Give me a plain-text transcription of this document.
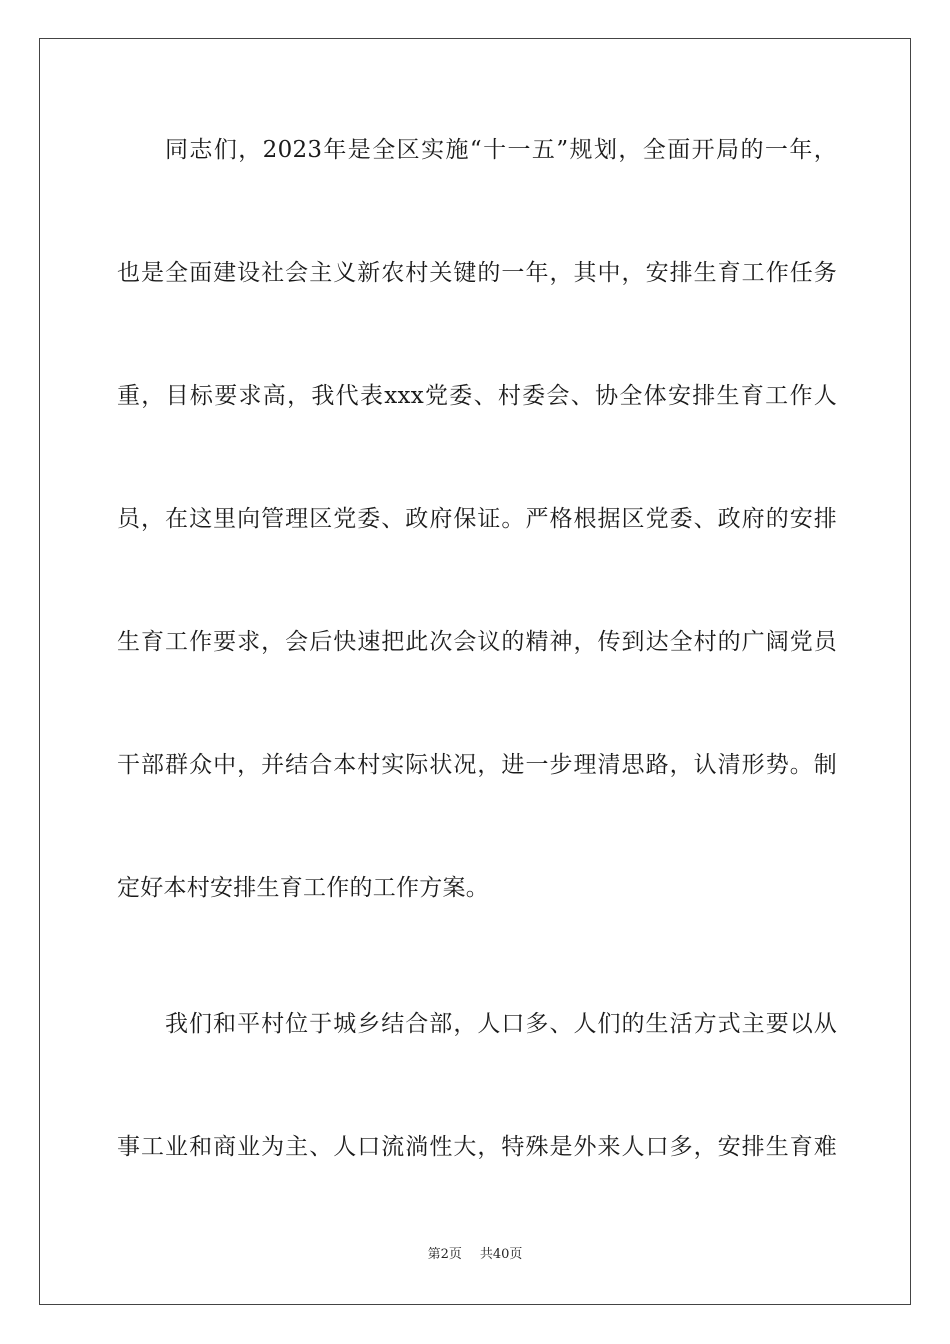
同志们，2023年是全区实施“十一五”规划，全面开局的一年，
也是全面建设社会主义新农村关键的一年，其中，安排生育工作任务
重，目标要求高，我代表xxx党委、村委会、协全体安排生育工作人
员，在这里向管理区党委、政府保证。严格根据区党委、政府的安排
生育工作要求，会后快速把此次会议的精神，传到达全村的广阔党员
干部群众中，并结合本村实际状况，进一步理清思路，认清形势。制
定好本村安排生育工作的工作方案。
我们和平村位于城乡结合部，人口多、人们的生活方式主要以从
事工业和商业为主、人口流淌性大，特殊是外来人口多，安排生育难
第2页 共40页
